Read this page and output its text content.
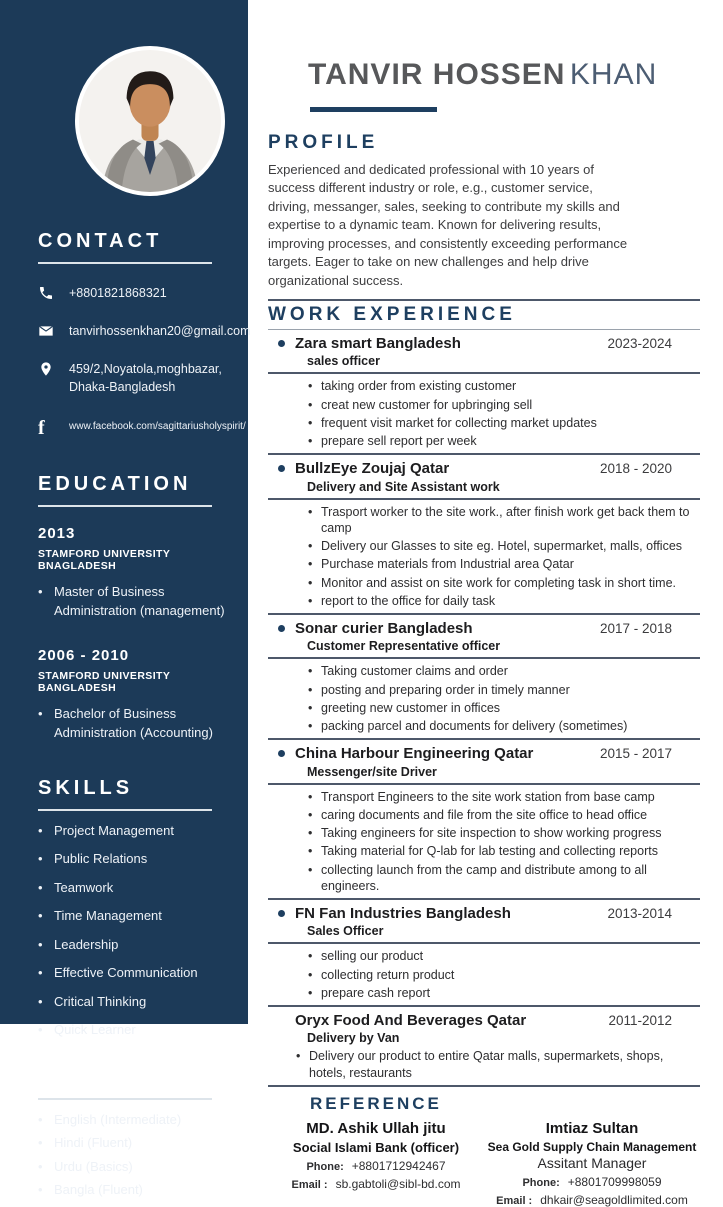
CONTACT
+8801821868321
tanvirhossenkhan20@gmail.com
459/2,Noyatola,moghbazar, Dhaka-Bangladesh
f	www.facebook.com/sagittariusholyspirit/
EDUCATION
2013
STAMFORD UNIVERSITY BNAGLADESH
• Master of Business Administration (management)
2006 - 2010
STAMFORD UNIVERSITY BANGLADESH
• Bachelor of Business Administration (Accounting)
SKILLS
• Project Management
• Public Relations
• Teamwork
• Time Management
• Leadership
• Effective Communication
• Critical Thinking
• Quick Learner
LANGUAGES
• English (Intermediate)
• Hindi (Fluent)
• Urdu (Basics)
• Bangla (Fluent)
TANVIR HOSSEN KHAN
PROFILE

Experienced and dedicated professional with 10 years of success different industry or role, e.g., customer service, driving, messanger, sales, seeking to contribute my skills and expertise to a dynamic team. Known for delivering results, improving processes, and consistently exceeding performance targets. Eager to take on new challenges and help drive organizational success.

WORK EXPERIENCE
Zara smart Bangladesh
sales officer
2023-2024
• taking order from existing customer
• creat new customer for upbringing sell
• frequent visit market for collecting market updates
• prepare sell report per week
BullzEye Zoujaj Qatar
Delivery and Site Assistant work
2018 - 2020
• Trasport worker to the site work., after finish work get back them to camp
• Delivery our Glasses to site eg. Hotel, supermarket, malls, offices
• Purchase materials from Industrial area Qatar
• Monitor and assist on site work for completing task in short time.
• report to the office for daily task
Sonar curier Bangladesh
Customer Representative officer
2017 - 2018
• Taking customer claims and order
• posting and preparing order in timely manner
• greeting new customer in offices
• packing parcel and documents for delivery (sometimes)
China Harbour Engineering Qatar
Messenger/site Driver
2015 - 2017
• Transport Engineers to the site work station from base camp
• caring documents and file from the site office to head office
• Taking engineers for site inspection to show working progress
• Taking material for Q-lab for lab testing and collecting reports
• collecting launch from the camp and distribute among to all engineers.
FN Fan Industries Bangladesh
Sales Officer
2013-2014
• selling our product
• collecting return product
• prepare cash report
Oryx Food And Beverages Qatar
Delivery by Van
2011-2012
• Delivery our product to entire Qatar malls, supermarkets, shops, hotels, restaurants
REFERENCE
MD. Ashik Ullah jitu
Social Islami Bank (officer)
Phone: +8801712942467
Email : sb.gabtoli@sibl-bd.com
Imtiaz Sultan
Sea Gold Supply Chain Management
Assitant Manager
Phone: +8801709998059
Email : dhkair@seagoldlimited.com
